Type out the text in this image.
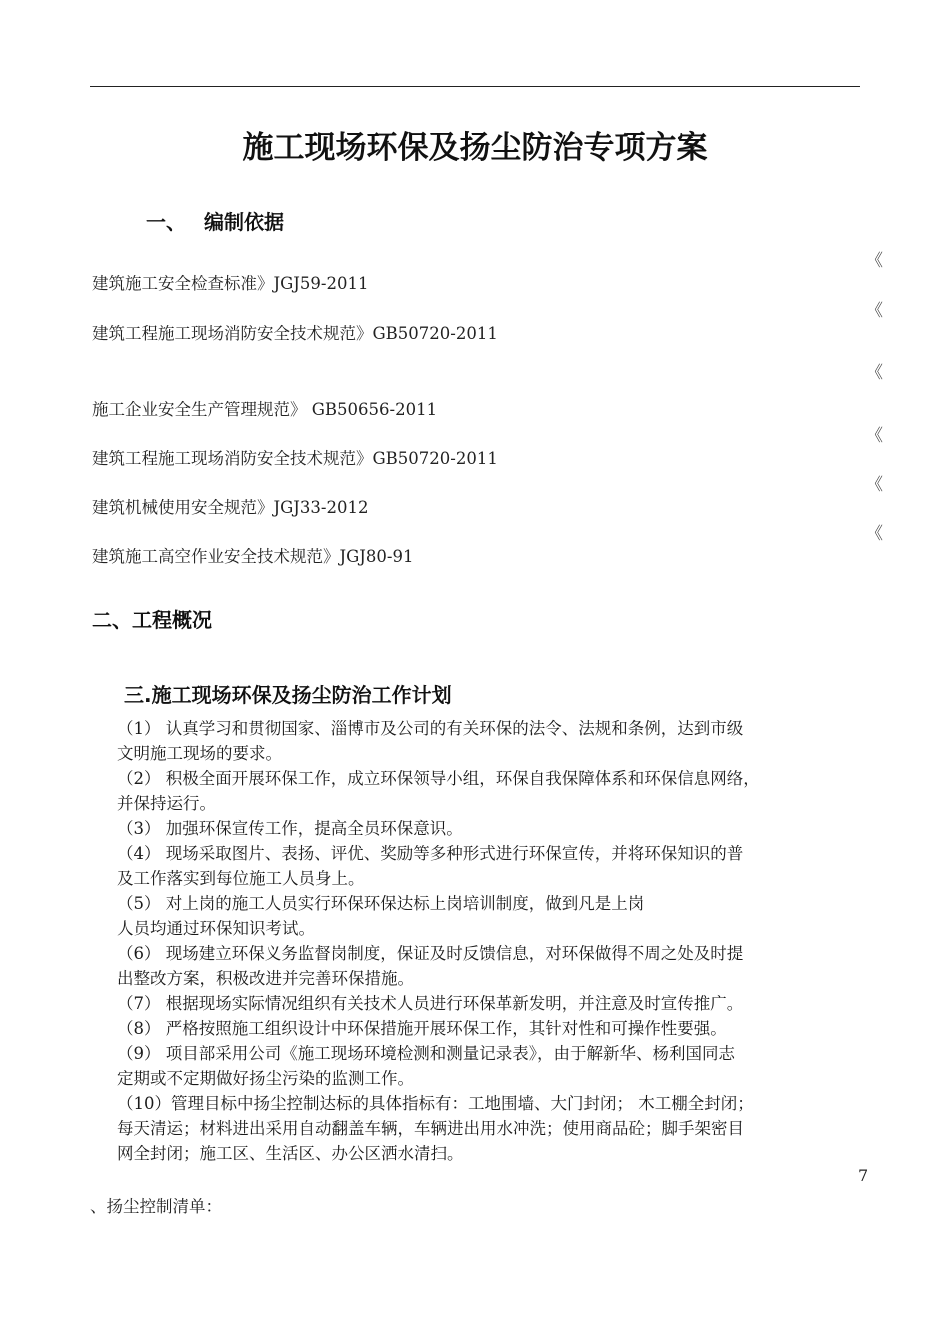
施工现场环保及扬尘防治专项方案
一、 编制依据
《
建筑施工安全检查标准》JGJ59-2011
《
建筑工程施工现场消防安全技术规范》GB50720-2011
《
施工企业安全生产管理规范》 GB50656-2011
《
建筑工程施工现场消防安全技术规范》GB50720-2011
《
建筑机械使用安全规范》JGJ33-2012
《
建筑施工高空作业安全技术规范》JGJ80-91
二、工程概况
三.施工现场环保及扬尘防治工作计划
（1） 认真学习和贯彻国家、淄博市及公司的有关环保的法令、法规和条例，达到市级
文明施工现场的要求。
（2） 积极全面开展环保工作，成立环保领导小组，环保自我保障体系和环保信息网络，
并保持运行。
（3） 加强环保宣传工作，提高全员环保意识。
（4） 现场采取图片、表扬、评优、奖励等多种形式进行环保宣传，并将环保知识的普
及工作落实到每位施工人员身上。
（5） 对上岗的施工人员实行环保环保达标上岗培训制度，做到凡是上岗
人员均通过环保知识考试。
（6） 现场建立环保义务监督岗制度，保证及时反馈信息，对环保做得不周之处及时提
出整改方案，积极改进并完善环保措施。
（7） 根据现场实际情况组织有关技术人员进行环保革新发明，并注意及时宣传推广。
（8） 严格按照施工组织设计中环保措施开展环保工作，其针对性和可操作性要强。
（9） 项目部采用公司《施工现场环境检测和测量记录表》，由于解新华、杨利国同志
定期或不定期做好扬尘污染的监测工作。
（10）管理目标中扬尘控制达标的具体指标有：工地围墙、大门封闭； 木工棚全封闭；
每天清运；材料进出采用自动翻盖车辆，车辆进出用水冲洗；使用商品砼；脚手架密目
网全封闭；施工区、生活区、办公区洒水清扫。
7
、扬尘控制清单：
